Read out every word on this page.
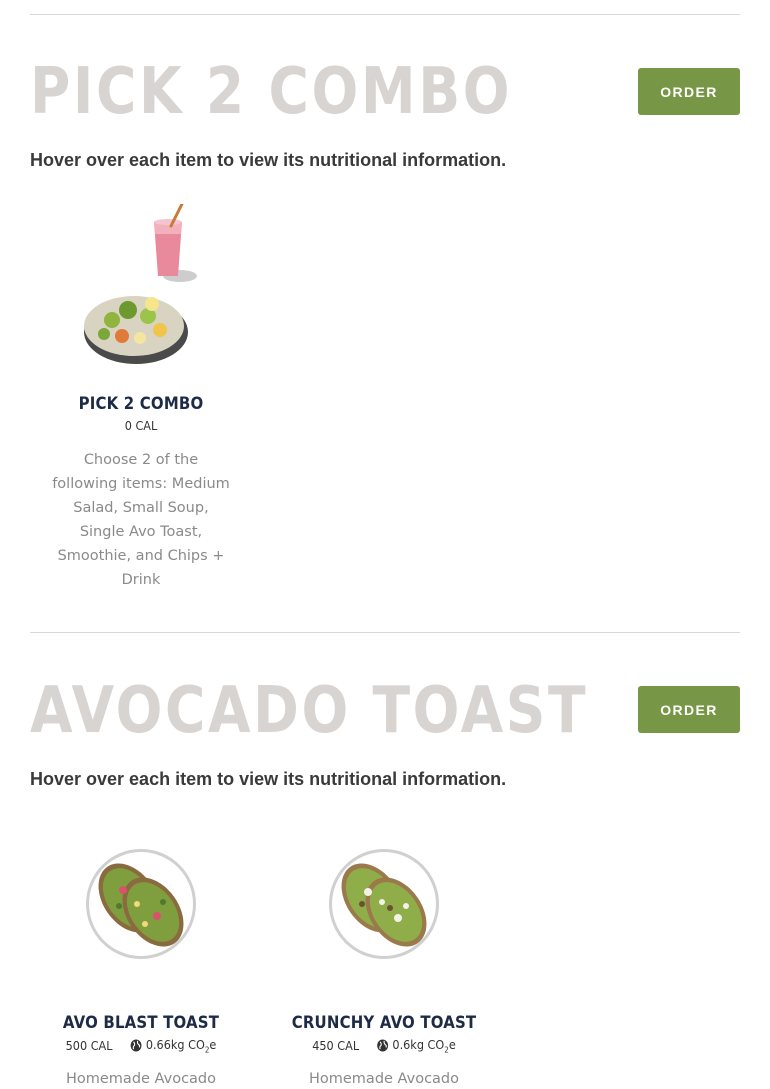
PICK 2 COMBO	ORDER

Hover over each item to view its nutritional information.

PICK 2 COMBO
0 CAL
Choose 2 of the following items: Medium Salad, Small Soup, Single Avo Toast, Smoothie, and Chips + Drink
AVOCADO TOAST	ORDER

Hover over each item to view its nutritional information.

AVO BLAST TOAST
500 CAL	0.66kg $CO_2e$
Homemade Avocado
CRUNCHY AVO TOAST
450 CAL	0.6kg $CO_2e$
Homemade Avocado
